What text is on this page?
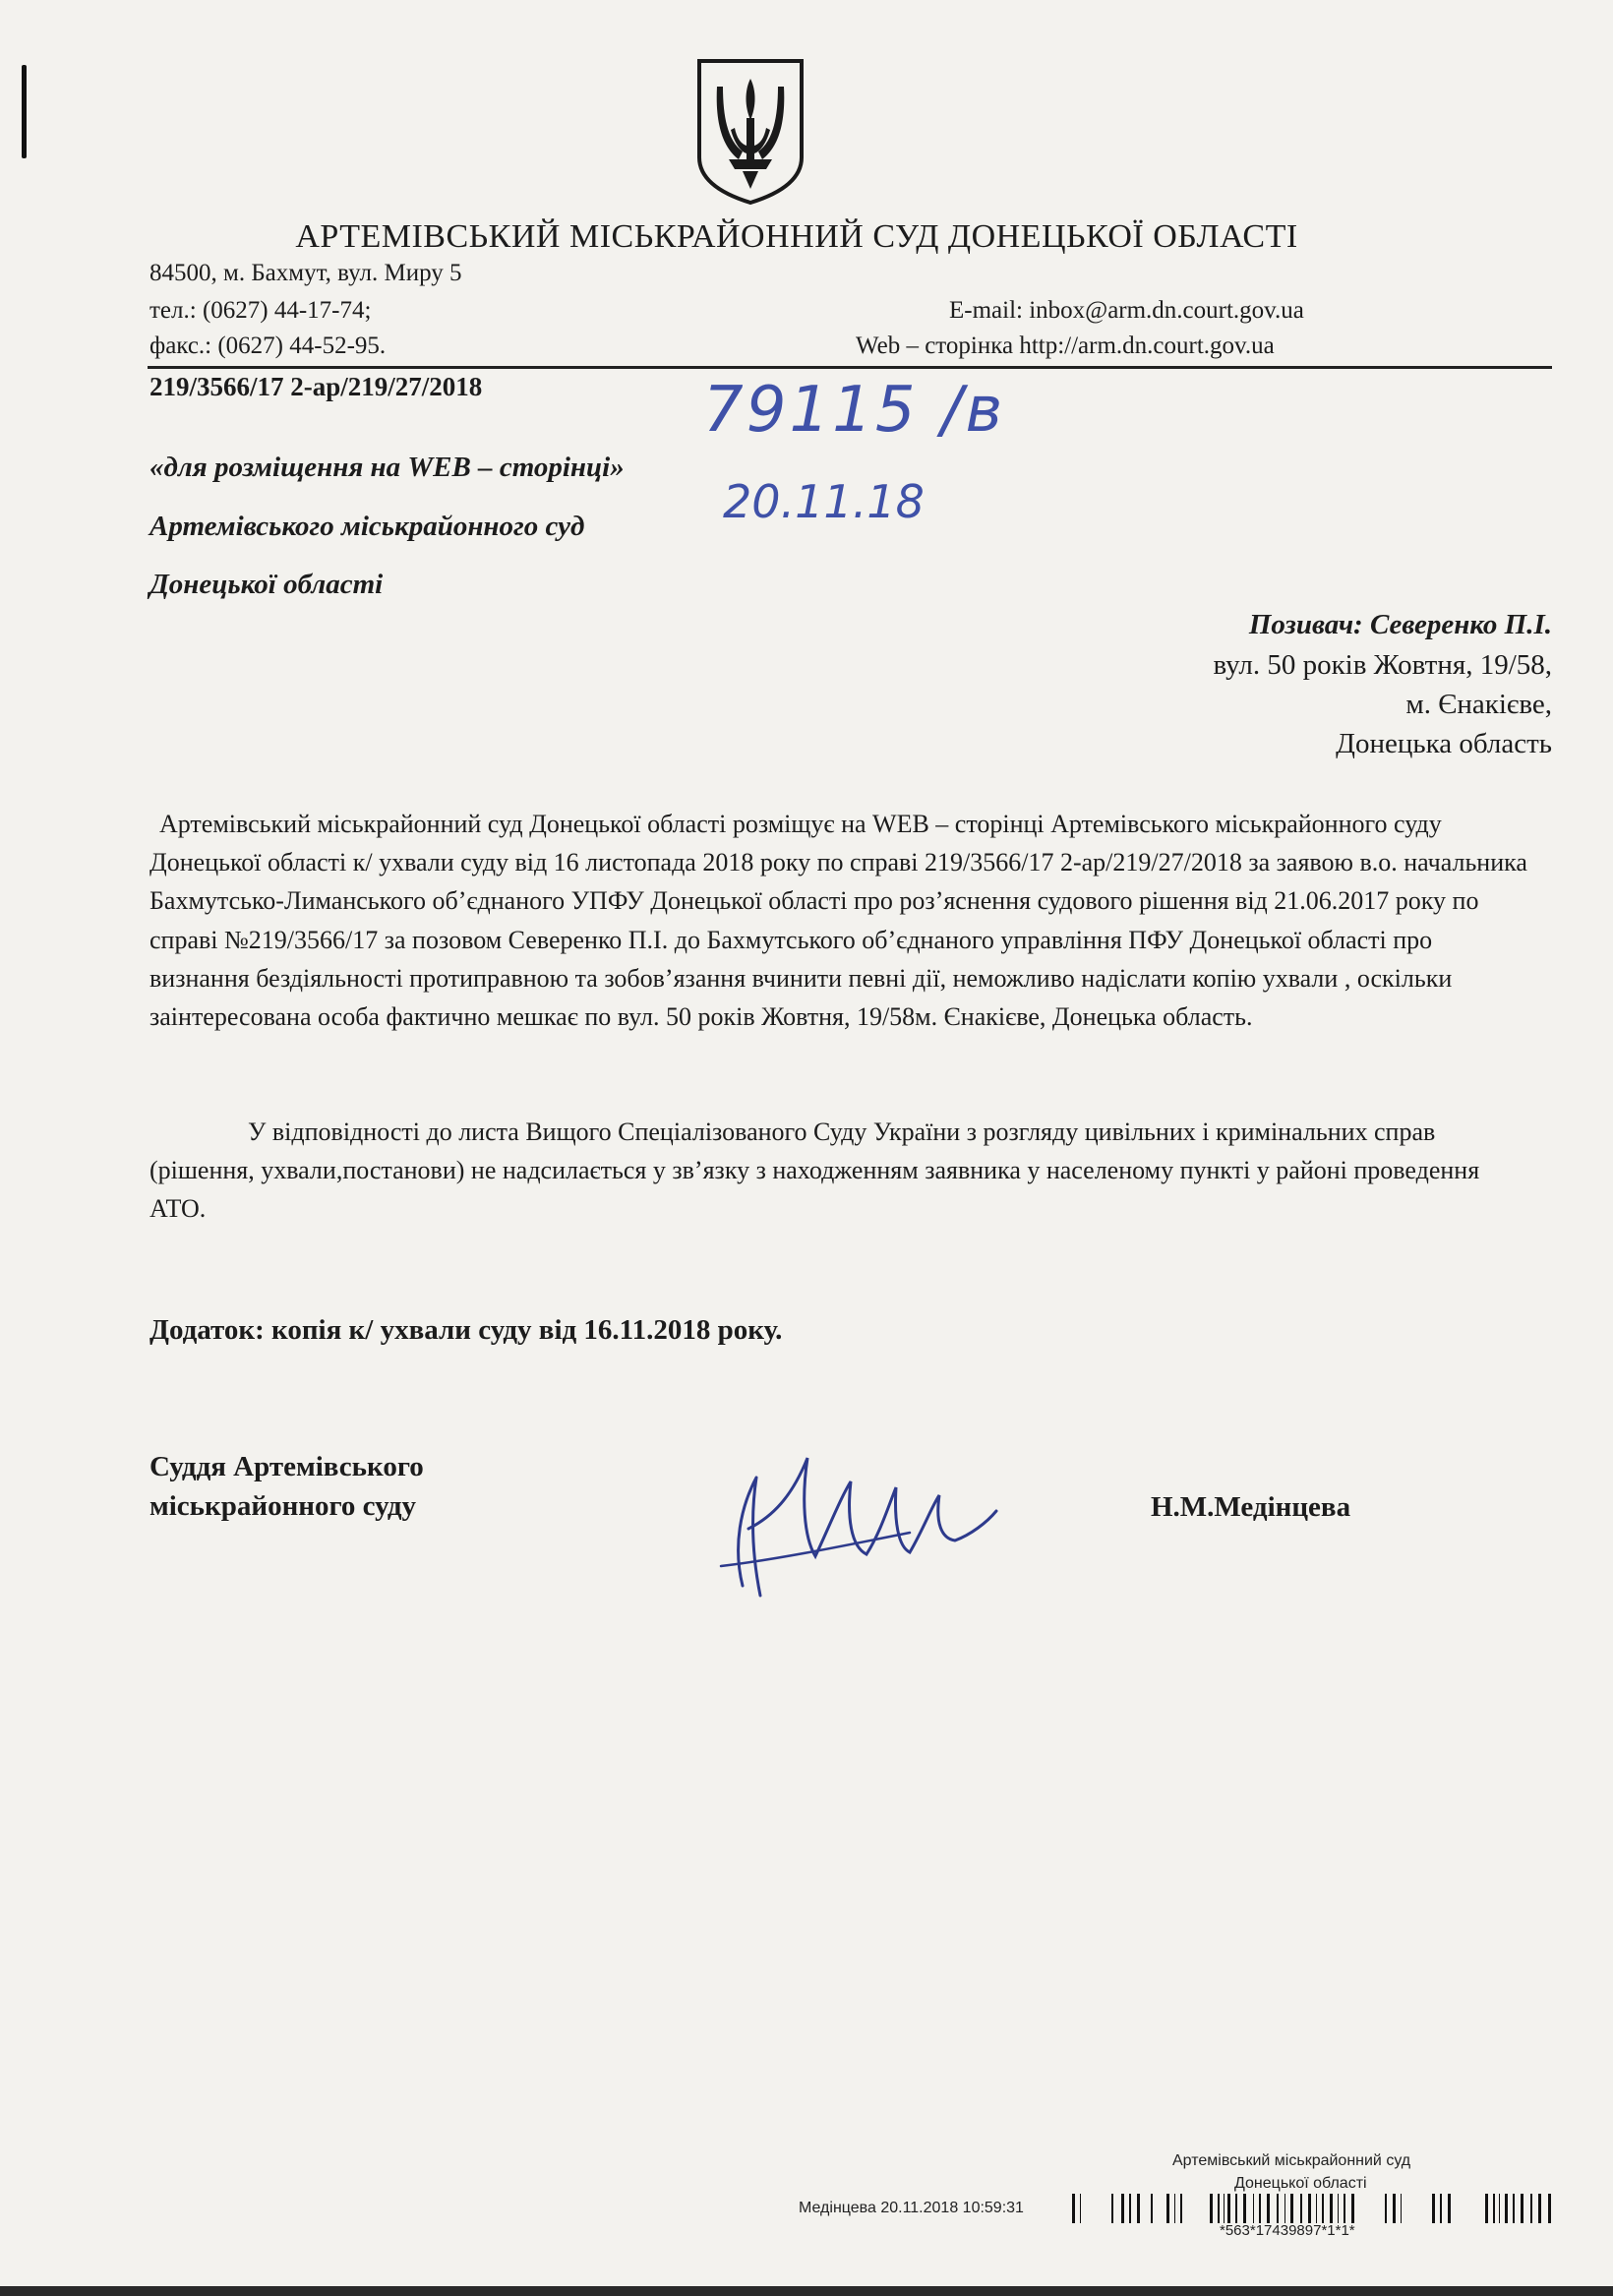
АРТЕМІВСЬКИЙ МІСЬКРАЙОННИЙ СУД ДОНЕЦЬКОЇ ОБЛАСТІ
84500, м. Бахмут, вул. Миру 5
тел.: (0627) 44-17-74;
факс.: (0627) 44-52-95.
E-mail: inbox@arm.dn.court.gov.ua
Web – сторінка http://arm.dn.court.gov.ua
219/3566/17 2-ар/219/27/2018	79115 /в
20.11.18
«для розміщення на WEB – сторінці»
Артемівського міськрайонного суд
Донецької області
Позивач: Северенко П.І.
вул. 50 років Жовтня, 19/58,
м. Єнакієве,
Донецька область
Артемівський міськрайонний суд Донецької області розміщує на WEB – сторінці Артемівського міськрайонного суду Донецької області к/ ухвали суду від 16 листопада 2018 року по справі 219/3566/17 2-ар/219/27/2018 за заявою в.о. начальника Бахмутсько-Лиманського об’єднаного УПФУ Донецької області про роз’яснення судового рішення від 21.06.2017 року по справі №219/3566/17 за позовом Северенко П.І. до Бахмутського об’єднаного управління ПФУ Донецької області про визнання бездіяльності протиправною та зобов’язання вчинити певні дії, неможливо надіслати копію ухвали , оскільки заінтересована особа фактично мешкає по вул. 50 років Жовтня, 19/58м. Єнакієве, Донецька область.
У відповідності до листа Вищого Спеціалізованого Суду України з розгляду цивільних і кримінальних справ (рішення, ухвали,постанови) не надсилається у зв’язку з находженням заявника у населеному пункті у районі проведення АТО.
Додаток: копія к/ ухвали суду від 16.11.2018 року.
Суддя Артемівського
міськрайонного суду	Н.М.Медінцева
Артемівський міськрайонний суд
Донецької області
Медінцева 20.11.2018 10:59:31
*563*17439897*1*1*
